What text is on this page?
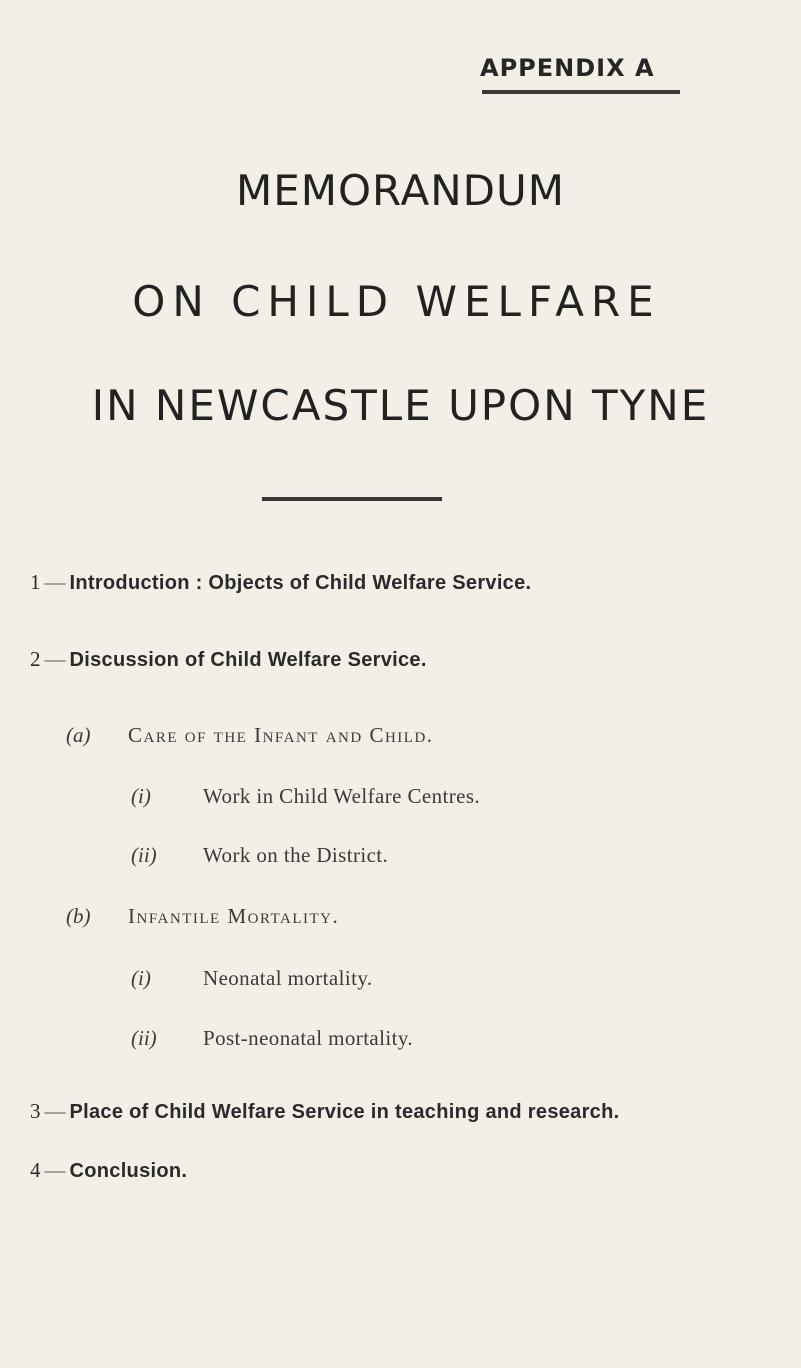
APPENDIX A
MEMORANDUM
ON CHILD WELFARE
IN NEWCASTLE UPON TYNE
1 — Introduction : Objects of Child Welfare Service.
2 — Discussion of Child Welfare Service.
(a) Care of the Infant and Child.
(i) Work in Child Welfare Centres.
(ii) Work on the District.
(b) Infantile Mortality.
(i) Neonatal mortality.
(ii) Post-neonatal mortality.
3 — Place of Child Welfare Service in teaching and research.
4 — Conclusion.
